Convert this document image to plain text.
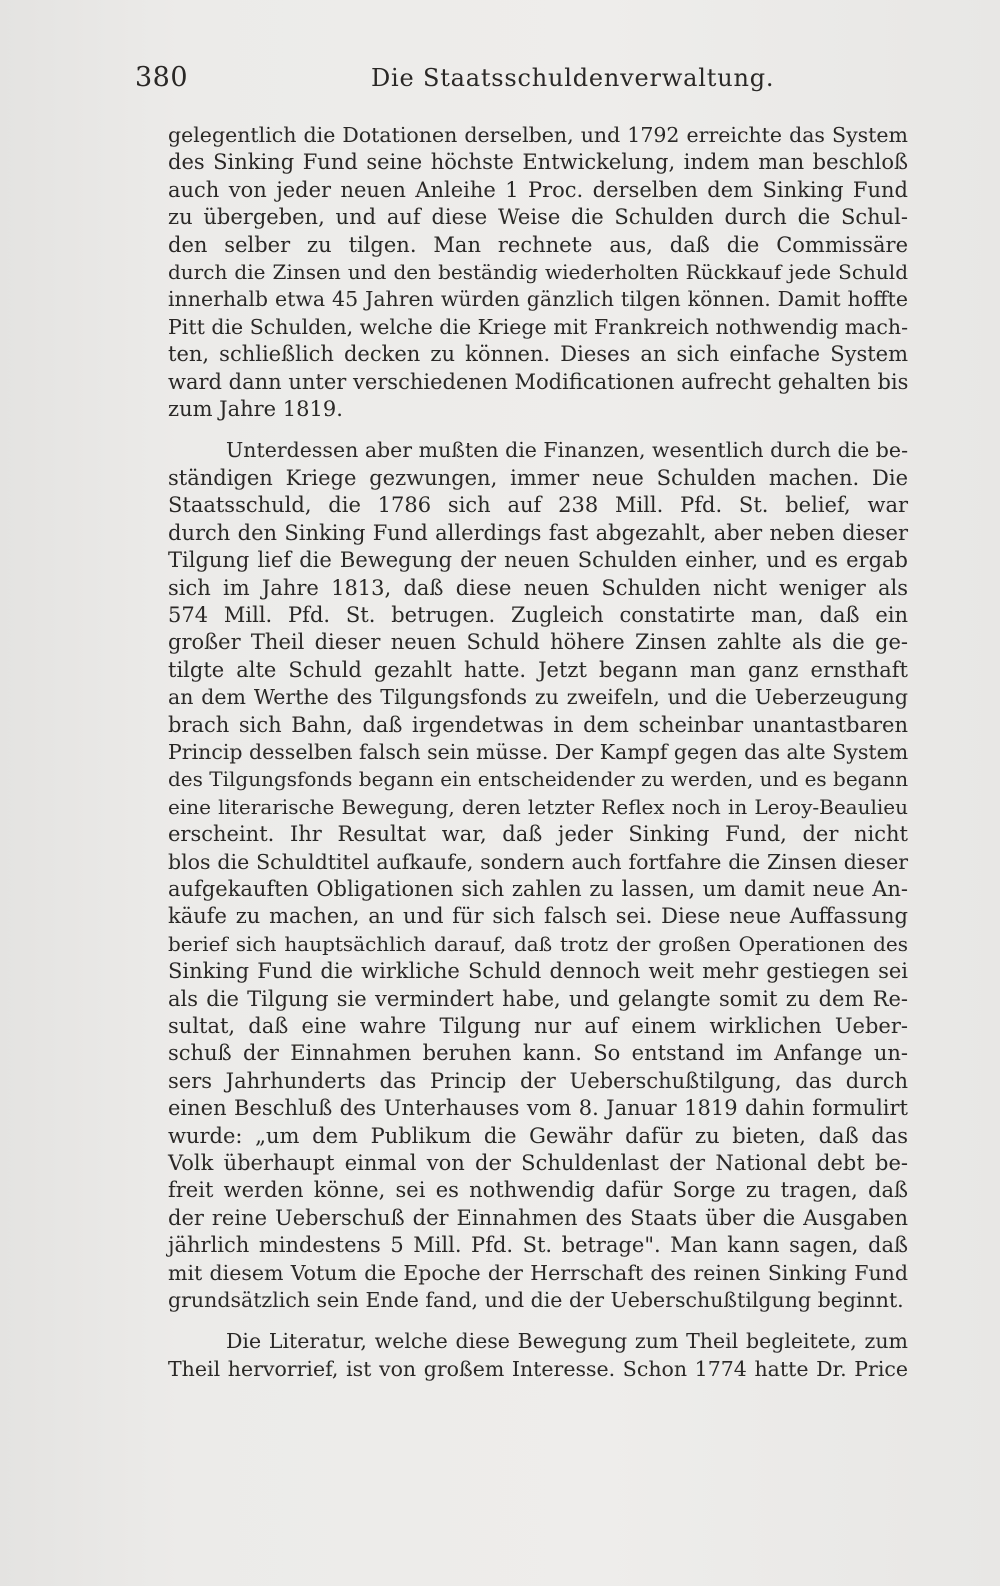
380	Die Staatsschuldenverwaltung.
gelegentlich die Dotationen derselben, und 1792 erreichte das System
des Sinking Fund seine höchste Entwickelung, indem man beschloß
auch von jeder neuen Anleihe 1 Proc. derselben dem Sinking Fund
zu übergeben, und auf diese Weise die Schulden durch die Schul-
den selber zu tilgen. Man rechnete aus, daß die Commissäre
durch die Zinsen und den beständig wiederholten Rückkauf jede Schuld
innerhalb etwa 45 Jahren würden gänzlich tilgen können. Damit hoffte
Pitt die Schulden, welche die Kriege mit Frankreich nothwendig mach-
ten, schließlich decken zu können. Dieses an sich einfache System
ward dann unter verschiedenen Modificationen aufrecht gehalten bis
zum Jahre 1819.
Unterdessen aber mußten die Finanzen, wesentlich durch die be-
ständigen Kriege gezwungen, immer neue Schulden machen. Die
Staatsschuld, die 1786 sich auf 238 Mill. Pfd. St. belief, war
durch den Sinking Fund allerdings fast abgezahlt, aber neben dieser
Tilgung lief die Bewegung der neuen Schulden einher, und es ergab
sich im Jahre 1813, daß diese neuen Schulden nicht weniger als
574 Mill. Pfd. St. betrugen. Zugleich constatirte man, daß ein
großer Theil dieser neuen Schuld höhere Zinsen zahlte als die ge-
tilgte alte Schuld gezahlt hatte. Jetzt begann man ganz ernsthaft
an dem Werthe des Tilgungsfonds zu zweifeln, und die Ueberzeugung
brach sich Bahn, daß irgendetwas in dem scheinbar unantastbaren
Princip desselben falsch sein müsse. Der Kampf gegen das alte System
des Tilgungsfonds begann ein entscheidender zu werden, und es begann
eine literarische Bewegung, deren letzter Reflex noch in Leroy-Beaulieu
erscheint. Ihr Resultat war, daß jeder Sinking Fund, der nicht
blos die Schuldtitel aufkaufe, sondern auch fortfahre die Zinsen dieser
aufgekauften Obligationen sich zahlen zu lassen, um damit neue An-
käufe zu machen, an und für sich falsch sei. Diese neue Auffassung
berief sich hauptsächlich darauf, daß trotz der großen Operationen des
Sinking Fund die wirkliche Schuld dennoch weit mehr gestiegen sei
als die Tilgung sie vermindert habe, und gelangte somit zu dem Re-
sultat, daß eine wahre Tilgung nur auf einem wirklichen Ueber-
schuß der Einnahmen beruhen kann. So entstand im Anfange un-
sers Jahrhunderts das Princip der Ueberschußtilgung, das durch
einen Beschluß des Unterhauses vom 8. Januar 1819 dahin formulirt
wurde: „um dem Publikum die Gewähr dafür zu bieten, daß das
Volk überhaupt einmal von der Schuldenlast der National debt be-
freit werden könne, sei es nothwendig dafür Sorge zu tragen, daß
der reine Ueberschuß der Einnahmen des Staats über die Ausgaben
jährlich mindestens 5 Mill. Pfd. St. betrage". Man kann sagen, daß
mit diesem Votum die Epoche der Herrschaft des reinen Sinking Fund
grundsätzlich sein Ende fand, und die der Ueberschußtilgung beginnt.
Die Literatur, welche diese Bewegung zum Theil begleitete, zum
Theil hervorrief, ist von großem Interesse. Schon 1774 hatte Dr. Price
